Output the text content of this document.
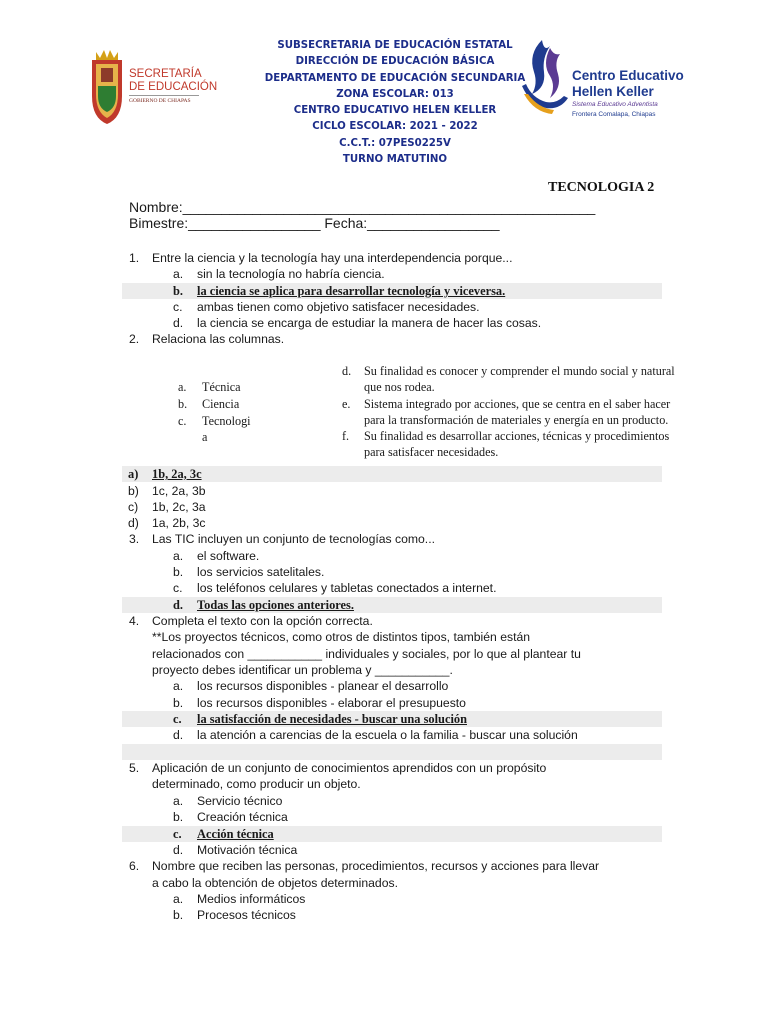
SECRETARÍA
DE EDUCACIÓN
GOBIERNO DE CHIAPAS
SUBSECRETARIA DE EDUCACIÓN ESTATAL
DIRECCIÓN DE EDUCACIÓN BÁSICA
DEPARTAMENTO DE EDUCACIÓN SECUNDARIA
ZONA ESCOLAR: 013
CENTRO EDUCATIVO HELEN KELLER
CICLO ESCOLAR: 2021 - 2022
C.C.T.: 07PES0225V
TURNO MATUTINO
Centro Educativo
Hellen Keller
Sistema Educativo Adventista
Frontera Comalapa, Chiapas
TECNOLOGIA 2
Nombre:_____________________________________________________
Bimestre:_________________ Fecha:_________________
1. Entre la ciencia y la tecnología hay una interdependencia porque...
a. sin la tecnología no habría ciencia.
b. la ciencia se aplica para desarrollar tecnología y viceversa.
c. ambas tienen como objetivo satisfacer necesidades.
d. la ciencia se encarga de estudiar la manera de hacer las cosas.
2. Relaciona las columnas.
a. Técnica
b. Ciencia
c. Tecnologi
a
d. Su finalidad es conocer y comprender el mundo social y natural
que nos rodea.
e. Sistema integrado por acciones, que se centra en el saber hacer
para la transformación de materiales y energía en un producto.
f. Su finalidad es desarrollar acciones, técnicas y procedimientos
para satisfacer necesidades.
a) 1b, 2a, 3c
b) 1c, 2a, 3b
c) 1b, 2c, 3a
d) 1a, 2b, 3c
3. Las TIC incluyen un conjunto de tecnologías como...
a. el software.
b. los servicios satelitales.
c. los teléfonos celulares y tabletas conectados a internet.
d. Todas las opciones anteriores.
4. Completa el texto con la opción correcta.
**Los proyectos técnicos, como otros de distintos tipos, también están
relacionados con ___________ individuales y sociales, por lo que al plantear tu
proyecto debes identificar un problema y ___________.
a. los recursos disponibles - planear el desarrollo
b. los recursos disponibles - elaborar el presupuesto
c. la satisfacción de necesidades - buscar una solución
d. la atención a carencias de la escuela o la familia - buscar una solución
5. Aplicación de un conjunto de conocimientos aprendidos con un propósito
determinado, como producir un objeto.
a. Servicio técnico
b. Creación técnica
c. Acción técnica
d. Motivación técnica
6. Nombre que reciben las personas, procedimientos, recursos y acciones para llevar
a cabo la obtención de objetos determinados.
a. Medios informáticos
b. Procesos técnicos
